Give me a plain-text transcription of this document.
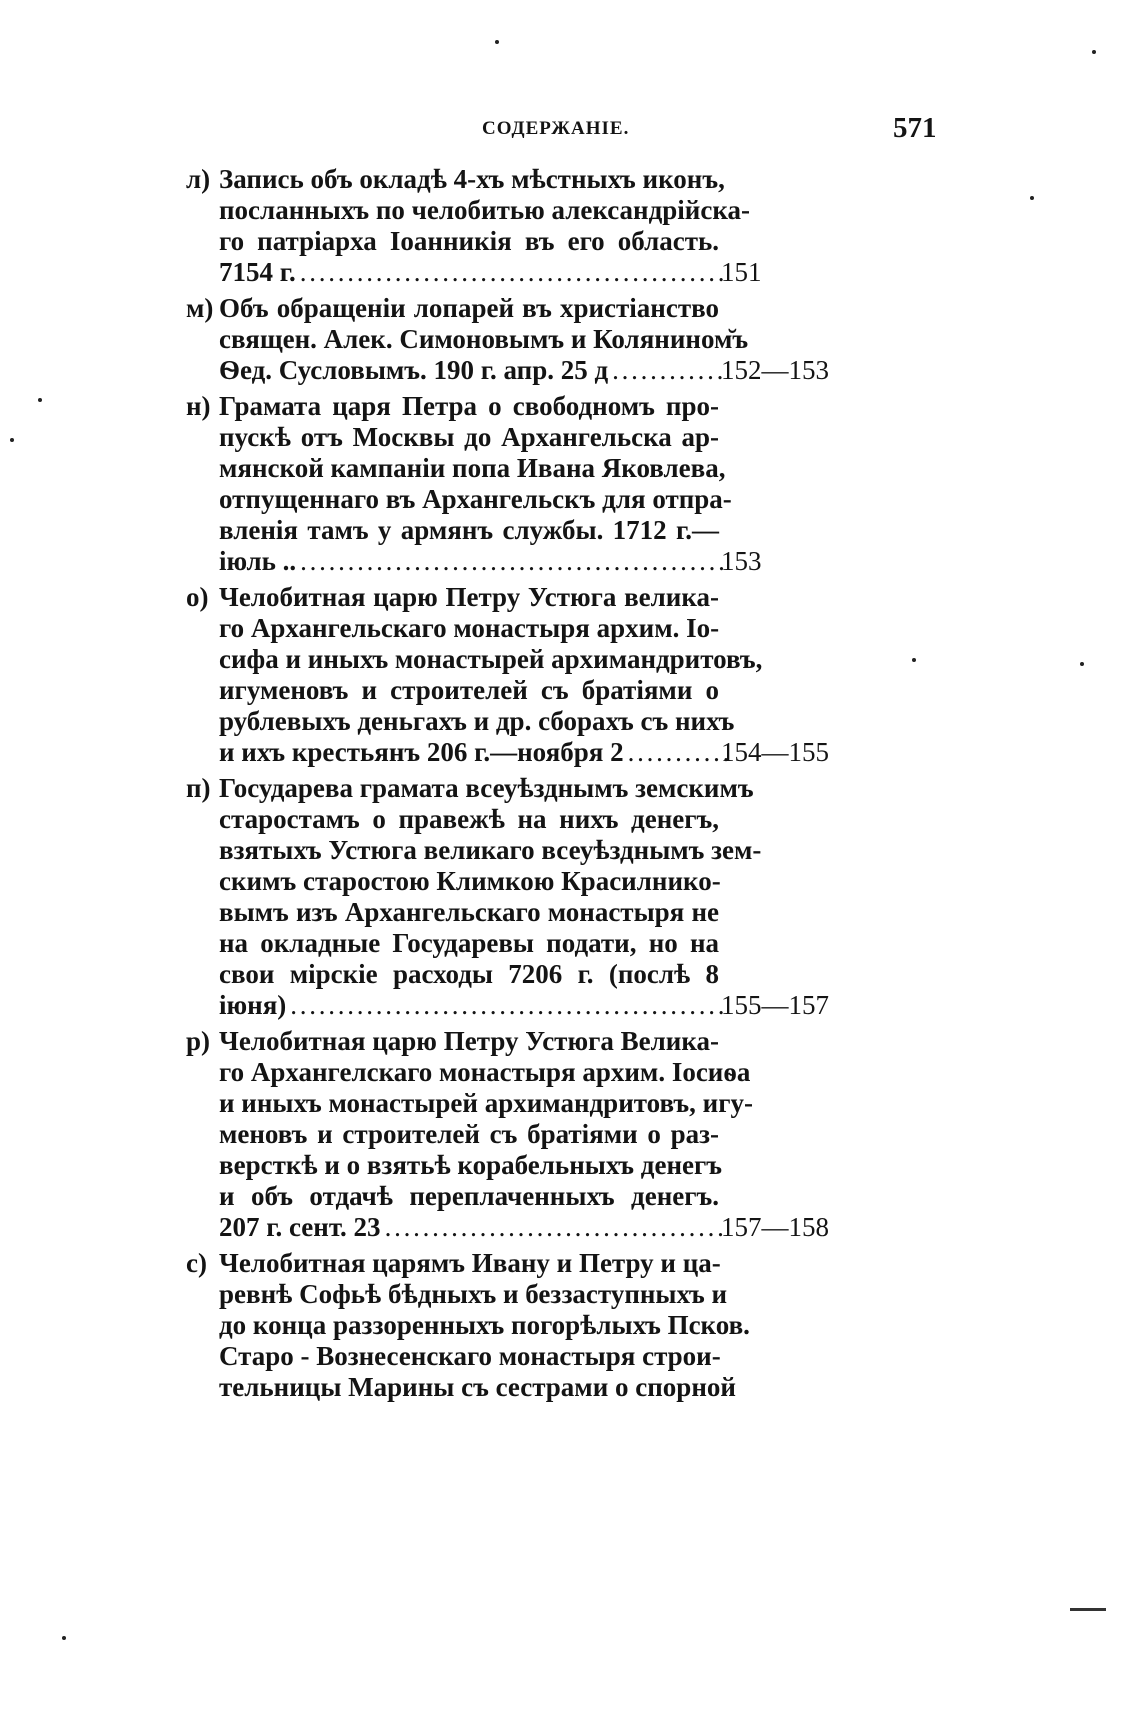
СОДЕРЖАНІЕ.	571
л) Запись объ окладѣ 4-хъ мѣстныхъ иконъ,
посланныхъ по челобитью александрійска-
го патріарха Іоанникія въ его область.
7154 г. . . .	151
м) Объ обращеніи лопарей въ христіанство
священ. Алек. Симоновымъ и Колянином̆ъ
Ѳед. Сусловымъ. 190 г. апр. 25 д . . .	152—153
н) Грамата царя Петра о свободномъ про-
пускѣ отъ Москвы до Архангельска ар-
мянской кампаніи попа Ивана Яковлева,
отпущеннаго въ Архангельскъ для отпра-
вленія тамъ у армянъ службы. 1712 г.—
іюль .. . . .	153
о) Челобитная царю Петру Устюга велика-
го Архангельскаго монастыря архим. Іо-
сифа и иныхъ монастырей архимандритовъ,
игуменовъ и строителей съ братіями о
рублевыхъ деньгахъ и др. сборахъ съ нихъ
и ихъ крестьянъ 206 г.—ноября 2 . . .	154—155
п) Государева грамата всеуѣзднымъ земскимъ
старостамъ о правежѣ на нихъ денегъ,
взятыхъ Устюга великаго всеуѣзднымъ зем-
скимъ старостою Климкою Красилнико-
вымъ изъ Архангельскаго монастыря не
на окладные Государевы подати, но на
свои мірскіе расходы 7206 г. (послѣ 8
іюня) . . .	155—157
р) Челобитная царю Петру Устюга Велика-
го Архангелскаго монастыря архим. Іосиѳа
и иныхъ монастырей архимандритовъ, игу-
меновъ и строителей съ братіями о раз-
версткѣ и о взятьѣ корабельныхъ денегъ
и объ отдачѣ переплаченныхъ денегъ.
207 г. сент. 23 . . .	157—158
с) Челобитная царямъ Ивану и Петру и ца-
ревнѣ Софьѣ бѣдныхъ и беззаступныхъ и
до конца раззоренныхъ погорѣлыхъ Псков.
Старо - Вознесенскаго монастыря строи-
тельницы Марины съ сестрами о спорной
